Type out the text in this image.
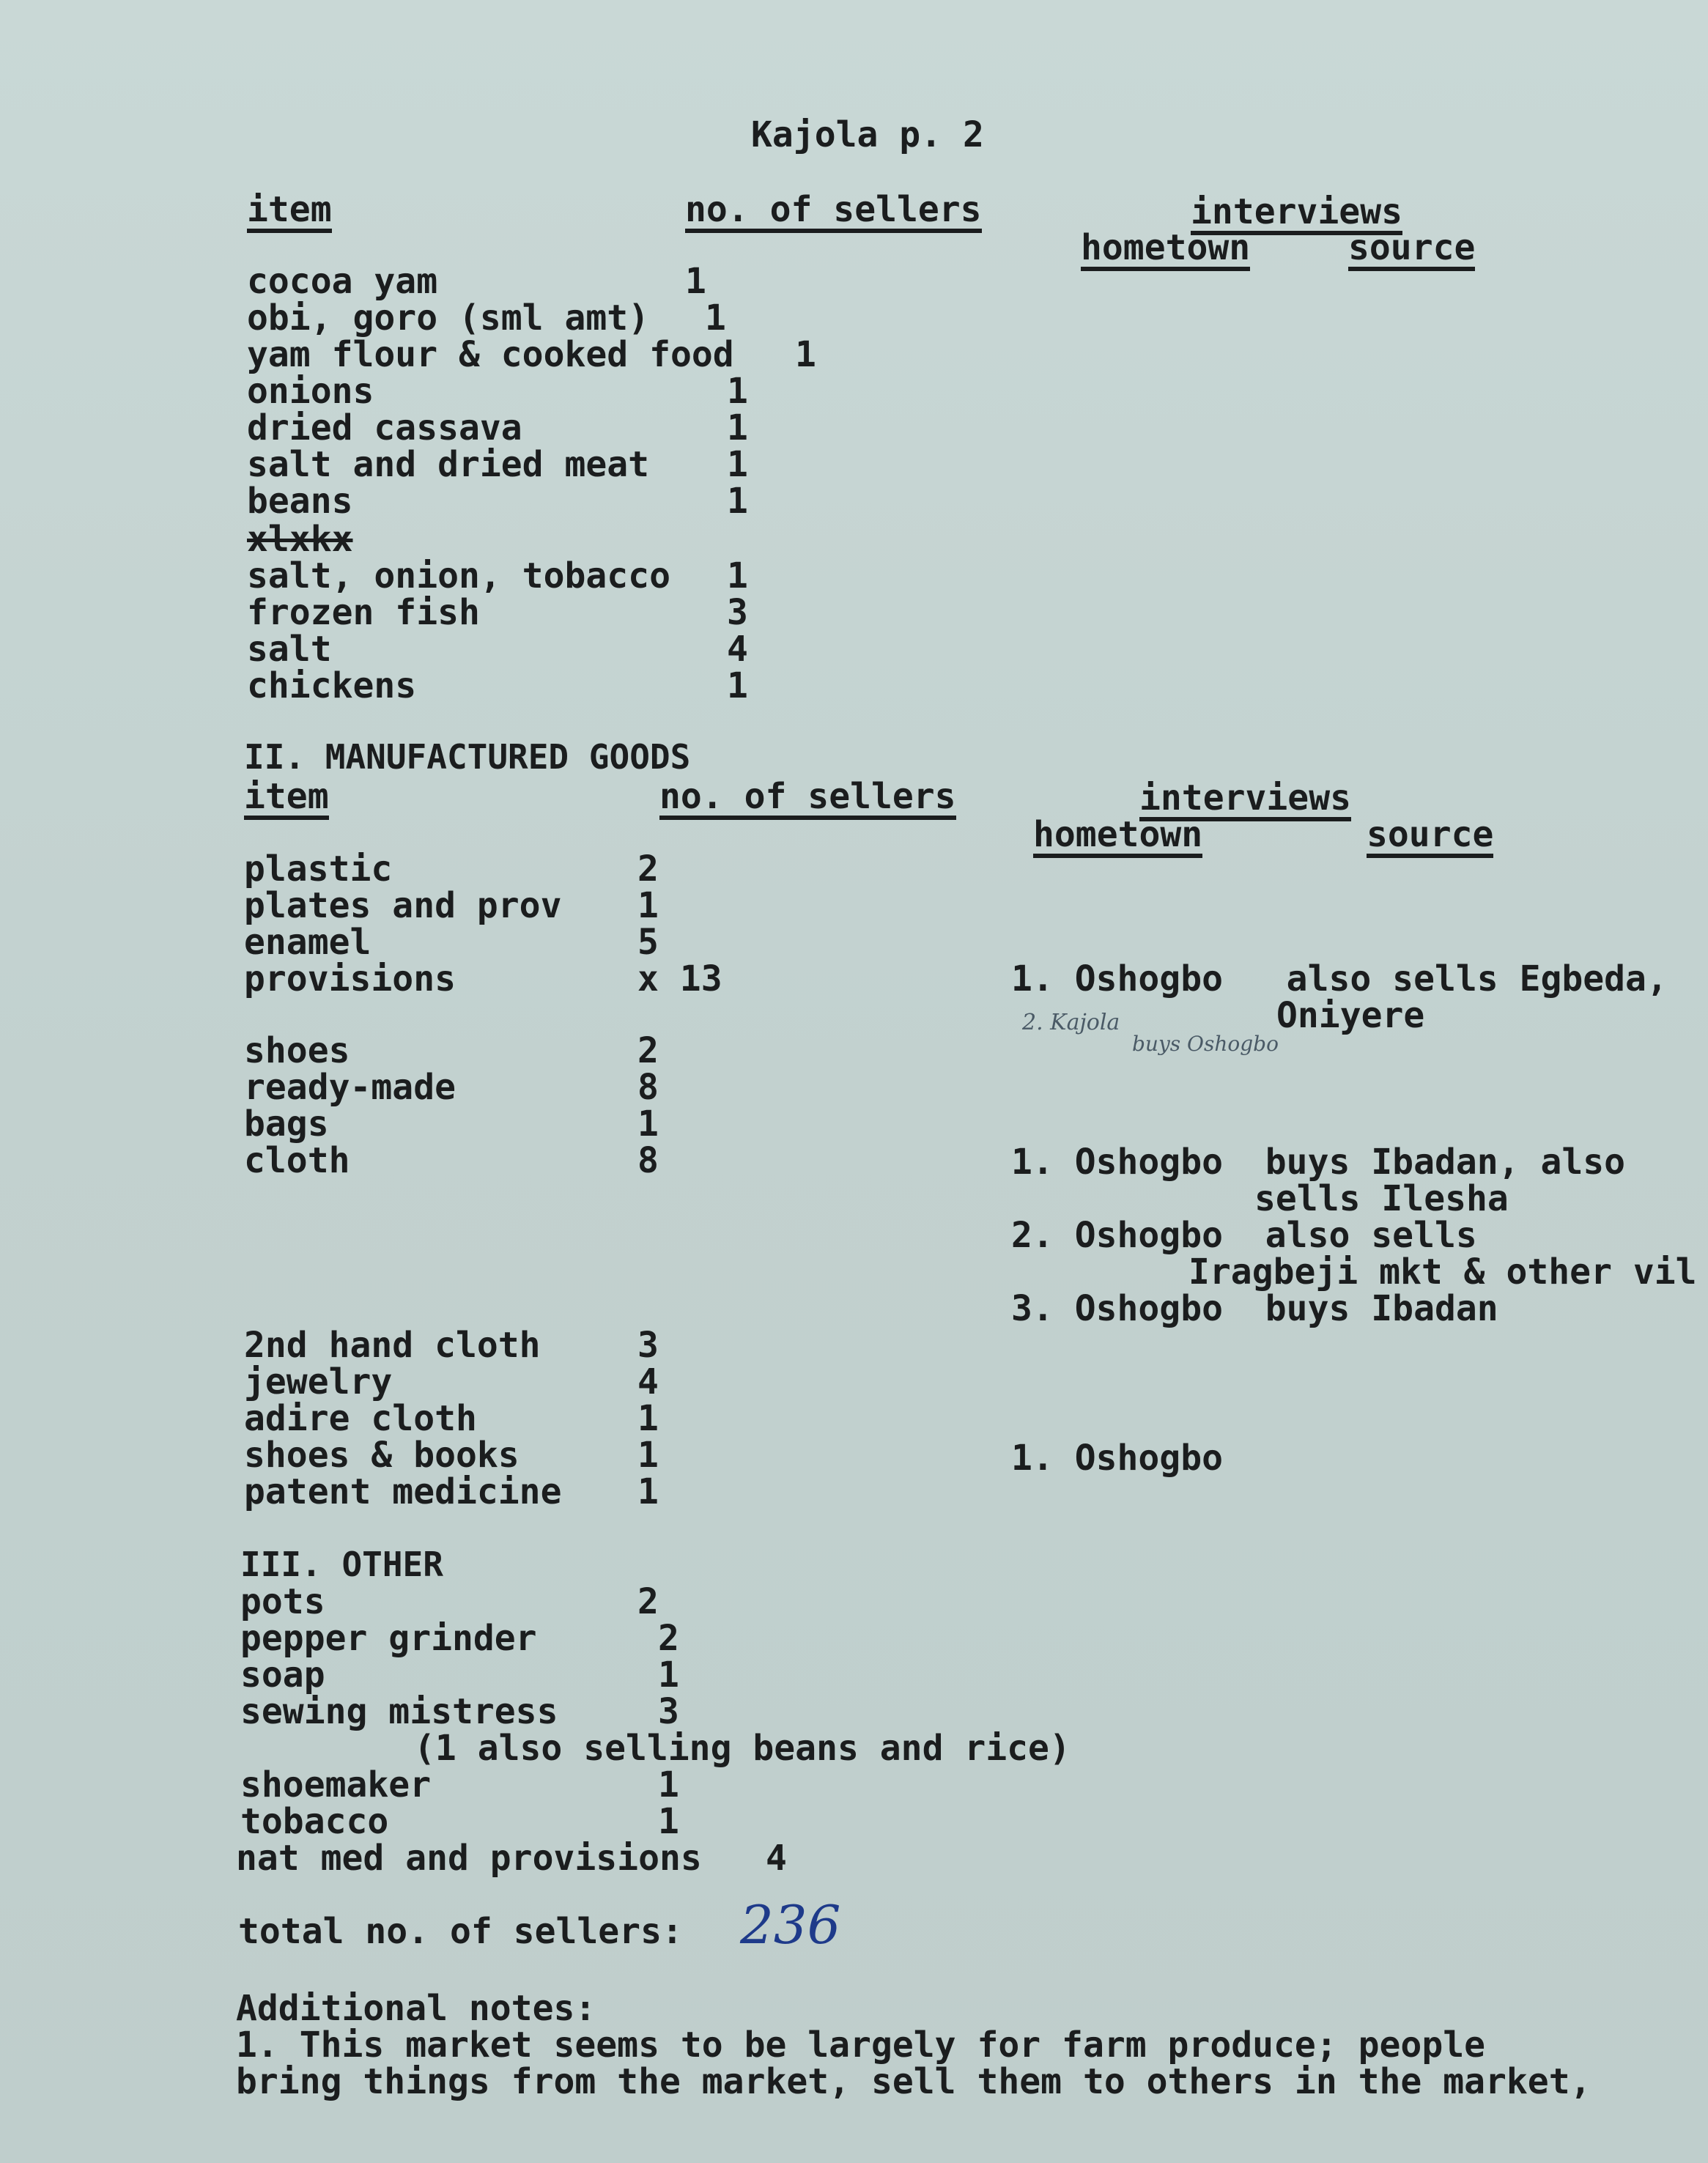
Kajola p. 2
item	no. of sellers	interviews
hometown	source
cocoa yam	1
obi, goro (sml amt) 1
yam flour & cooked food 1
onions	1
dried cassava	1
salt and dried meat 1
beans	1
xlxkx
salt, onion, tobacco 1
frozen fish	3
salt	4
chickens	1
II. MANUFACTURED GOODS
item	no. of sellers	interviews
hometown	source
plastic	2
plates and prov 1
enamel	5
provisions	x 13	1. Oshogbo   also sells Egbeda,
Oniyere
2. Kajola
buys Oshogbo
shoes	2
ready-made	8
bags	1
cloth	8	1. Oshogbo  buys Ibadan, also
sells Ilesha
2. Oshogbo  also sells
Iragbeji mkt & other vil
3. Oshogbo  buys Ibadan
2nd hand cloth	3
jewelry	4
adire cloth	1
shoes & books	1	1. Oshogbo
patent medicine 1
III. OTHER
pots	2
pepper grinder	2
soap	1
sewing mistress	3
(1 also selling beans and rice)
shoemaker	1
tobacco	1
nat med and provisions 4
total no. of sellers: 236
Additional notes:
1. This market seems to be largely for farm produce; people
bring things from the market, sell them to others in the market,
